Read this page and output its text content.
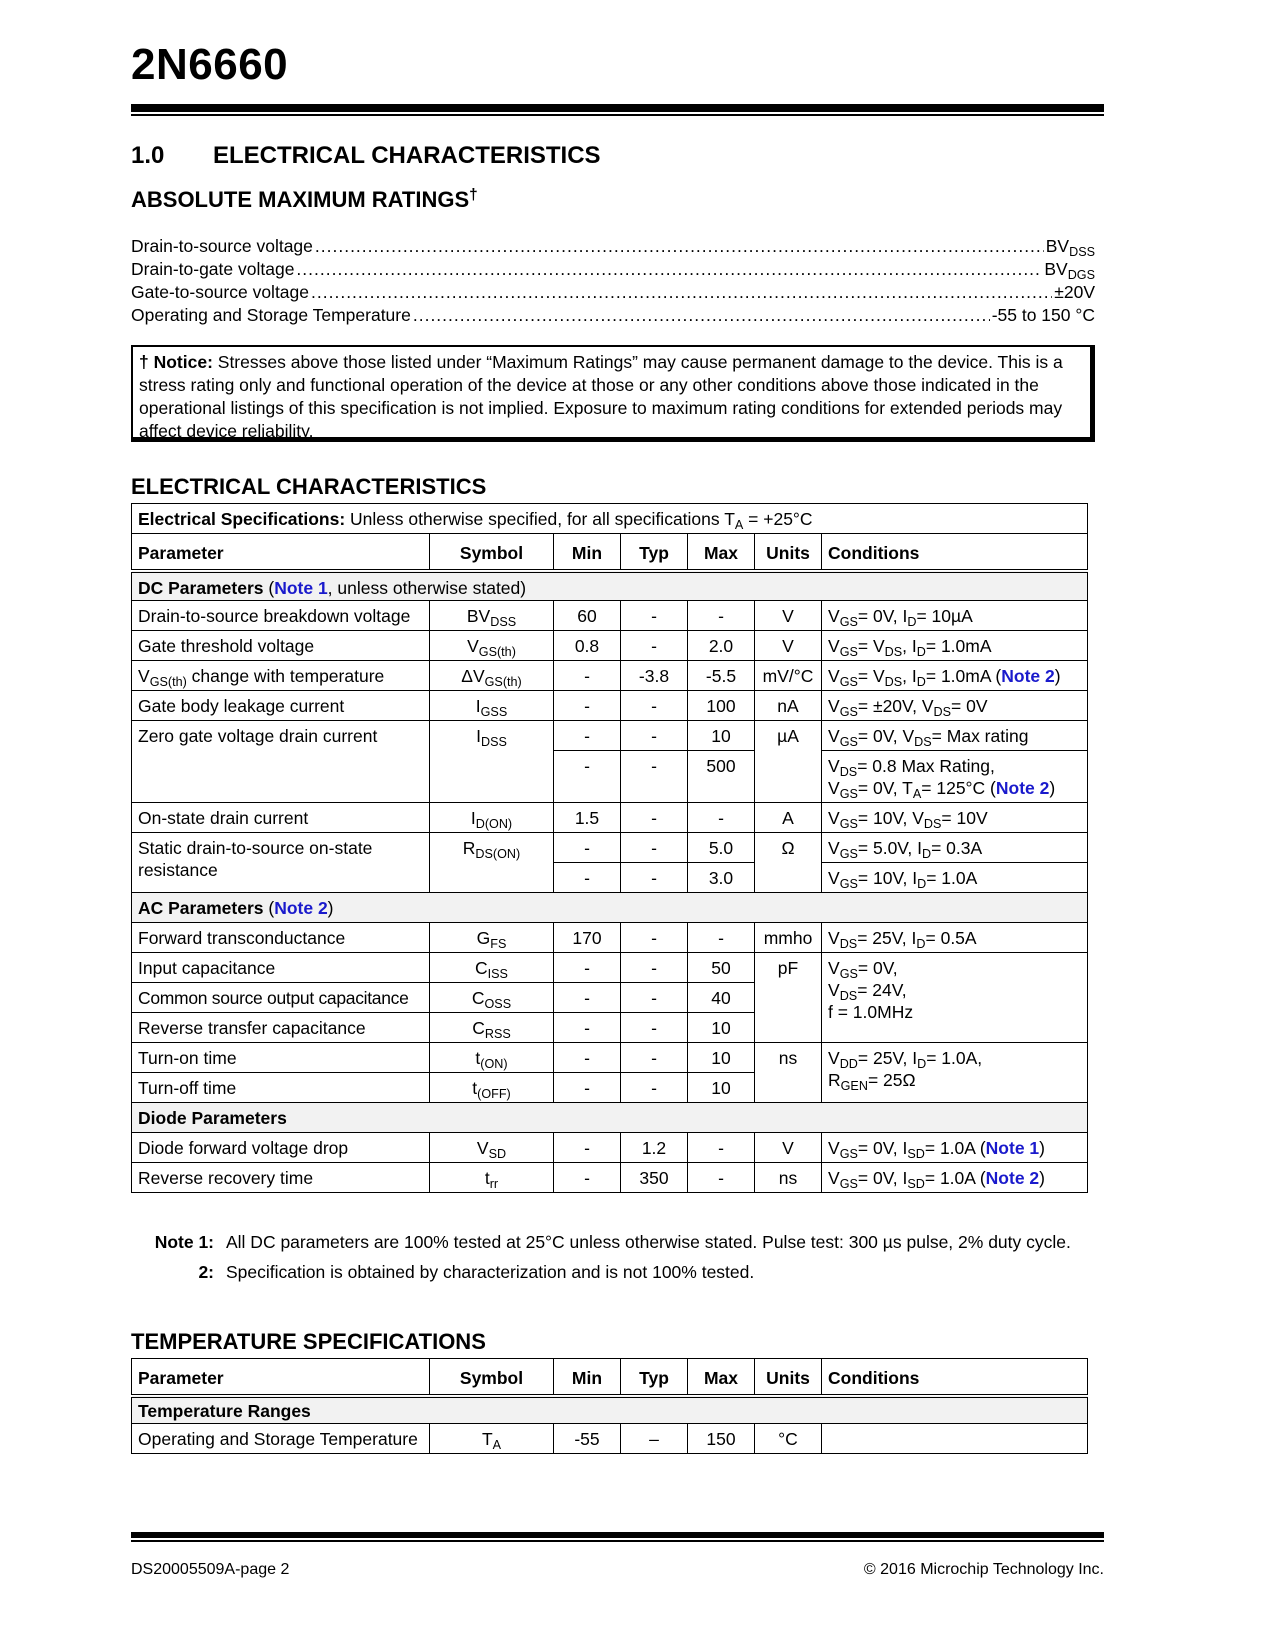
2N6660
1.0 ELECTRICAL CHARACTERISTICS
ABSOLUTE MAXIMUM RATINGS†
Drain-to-source voltage .....	$BV_{DSS}$
Drain-to-gate voltage .....	$BV_{DGS}$
Gate-to-source voltage .....	±20V
Operating and Storage Temperature .....	-55 to 150 °C
† Notice: Stresses above those listed under “Maximum Ratings” may cause permanent damage to the device. This is a stress rating only and functional operation of the device at those or any other conditions above those indicated in the operational listings of this specification is not implied. Exposure to maximum rating conditions for extended periods may affect device reliability.
ELECTRICAL CHARACTERISTICS
Electrical Specifications: Unless otherwise specified, for all specifications $T_A = +25^\circ C$						
Parameter	Symbol	Min	Typ	Max	Units	Conditions
DC Parameters (Note 1, unless otherwise stated)						
Drain-to-source breakdown voltage	$BV_{DSS}$	60	-	-	V	$V_{GS}= 0V$, $I_D= 10\mu A$
Gate threshold voltage	$V_{GS(th)}$	0.8	-	2.0	V	$V_{GS}= V_{DS}$, $I_D= 1.0mA$
$V_{GS(th)}$ change with temperature	$\Delta V_{GS(th)}$	-	-3.8	-5.5	mV/°C	$V_{GS}= V_{DS}$, $I_D= 1.0mA$ (Note 2)
Gate body leakage current	$I_{GSS}$	-	-	100	nA	$V_{GS}= \pm 20V$, $V_{DS}= 0V$
Zero gate voltage drain current	$I_{DSS}$	-	-	10	µA	$V_{GS}= 0V$, $V_{DS}=$ Max rating
		-	-	500		$V_{DS}= 0.8$ Max Rating,
$V_{GS}= 0V$, $T_A= 125^\circ C$ (Note 2)
On-state drain current	$I_{D(ON)}$	1.5	-	-	A	$V_{GS}= 10V$, $V_{DS}= 10V$
Static drain-to-source on-state resistance	$R_{DS(ON)}$	-	-	5.0	Ω	$V_{GS}= 5.0V$, $I_D= 0.3A$
		-	-	3.0		$V_{GS}= 10V$, $I_D= 1.0A$
AC Parameters (Note 2)						
Forward transconductance	$G_{FS}$	170	-	-	mmho	$V_{DS}= 25V$, $I_D= 0.5A$
Input capacitance	$C_{ISS}$	-	-	50	pF	$V_{GS}= 0V$,
$V_{DS}= 24V$,
f = 1.0MHz
Common source output capacitance	$C_{OSS}$	-	-	40		
Reverse transfer capacitance	$C_{RSS}$	-	-	10		
Turn-on time	$t_{(ON)}$	-	-	10	ns	$V_{DD}= 25V$, $I_D= 1.0A$,
$R_{GEN}= 25\Omega$
Turn-off time	$t_{(OFF)}$	-	-	10		
Diode Parameters						
Diode forward voltage drop	$V_{SD}$	-	1.2	-	V	$V_{GS}= 0V$, $I_{SD}= 1.0A$ (Note 1)
Reverse recovery time	$t_{rr}$	-	350	-	ns	$V_{GS}= 0V$, $I_{SD}= 1.0A$ (Note 2)
Note 1: All DC parameters are 100% tested at 25°C unless otherwise stated. Pulse test: 300 µs pulse, 2% duty cycle.
2: Specification is obtained by characterization and is not 100% tested.
TEMPERATURE SPECIFICATIONS
Parameter	Symbol	Min	Typ	Max	Units	Conditions
Temperature Ranges						
Operating and Storage Temperature	$T_A$	-55	–	150	°C	
DS20005509A-page 2	© 2016 Microchip Technology Inc.
